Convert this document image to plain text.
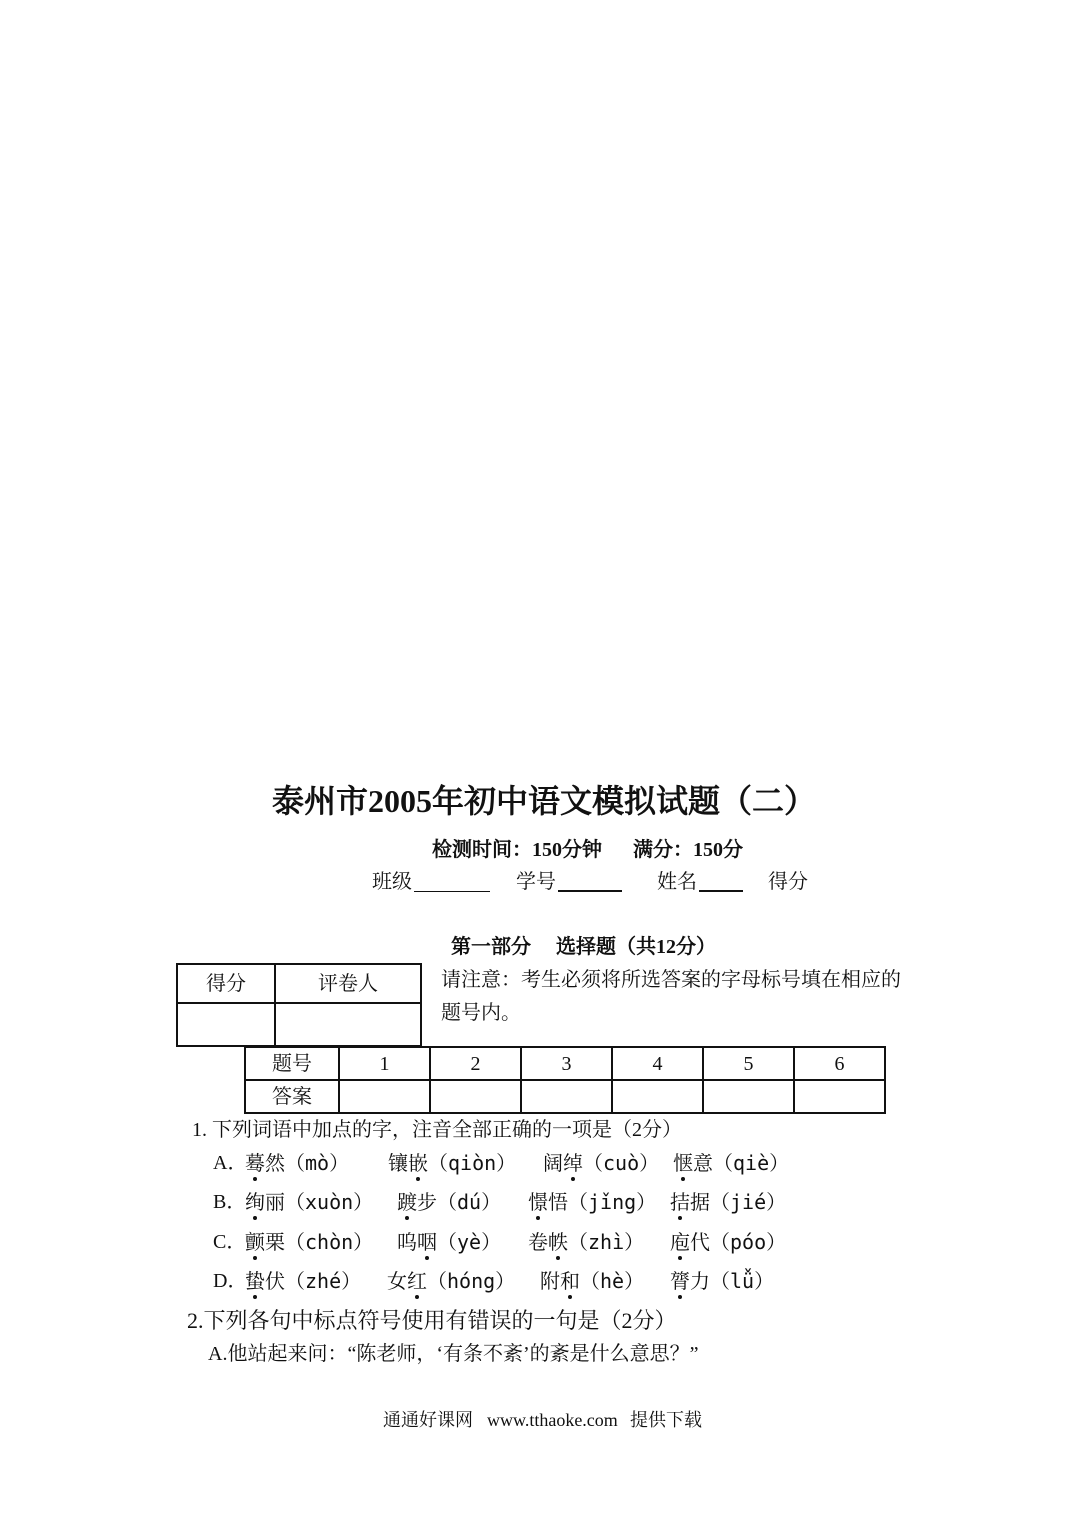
泰州市2005年初中语文模拟试题（二）
检测时间：150分钟 满分：150分
班级	学号	姓名	得分
第一部分 选择题（共12分）
得分	评卷人
		请注意：考生必须将所选答案的字母标号填在相应的题号内。
题号	1	2	3	4	5	6
答案						
1. 下列词语中加点的字，注音全部正确的一项是（2分）
A．
蓦然（mò） 镶嵌（qiòn） 阔绰（cuò） 惬意（qiè）
B．
绚丽（xuòn） 踱步（dú） 憬悟（jǐng） 拮据（jié）
C．
颤栗（chòn） 呜咽（yè） 卷帙（zhì） 庖代（póo）
D．
蛰伏（zhé） 女红（hóng） 附和（hè） 膂力（lǚ）
2.下列各句中标点符号使用有错误的一句是（2分）
A.他站起来问：“陈老师，‘有条不紊’的紊是什么意思？”
通通好课网 www.tthaoke.com 提供下载
